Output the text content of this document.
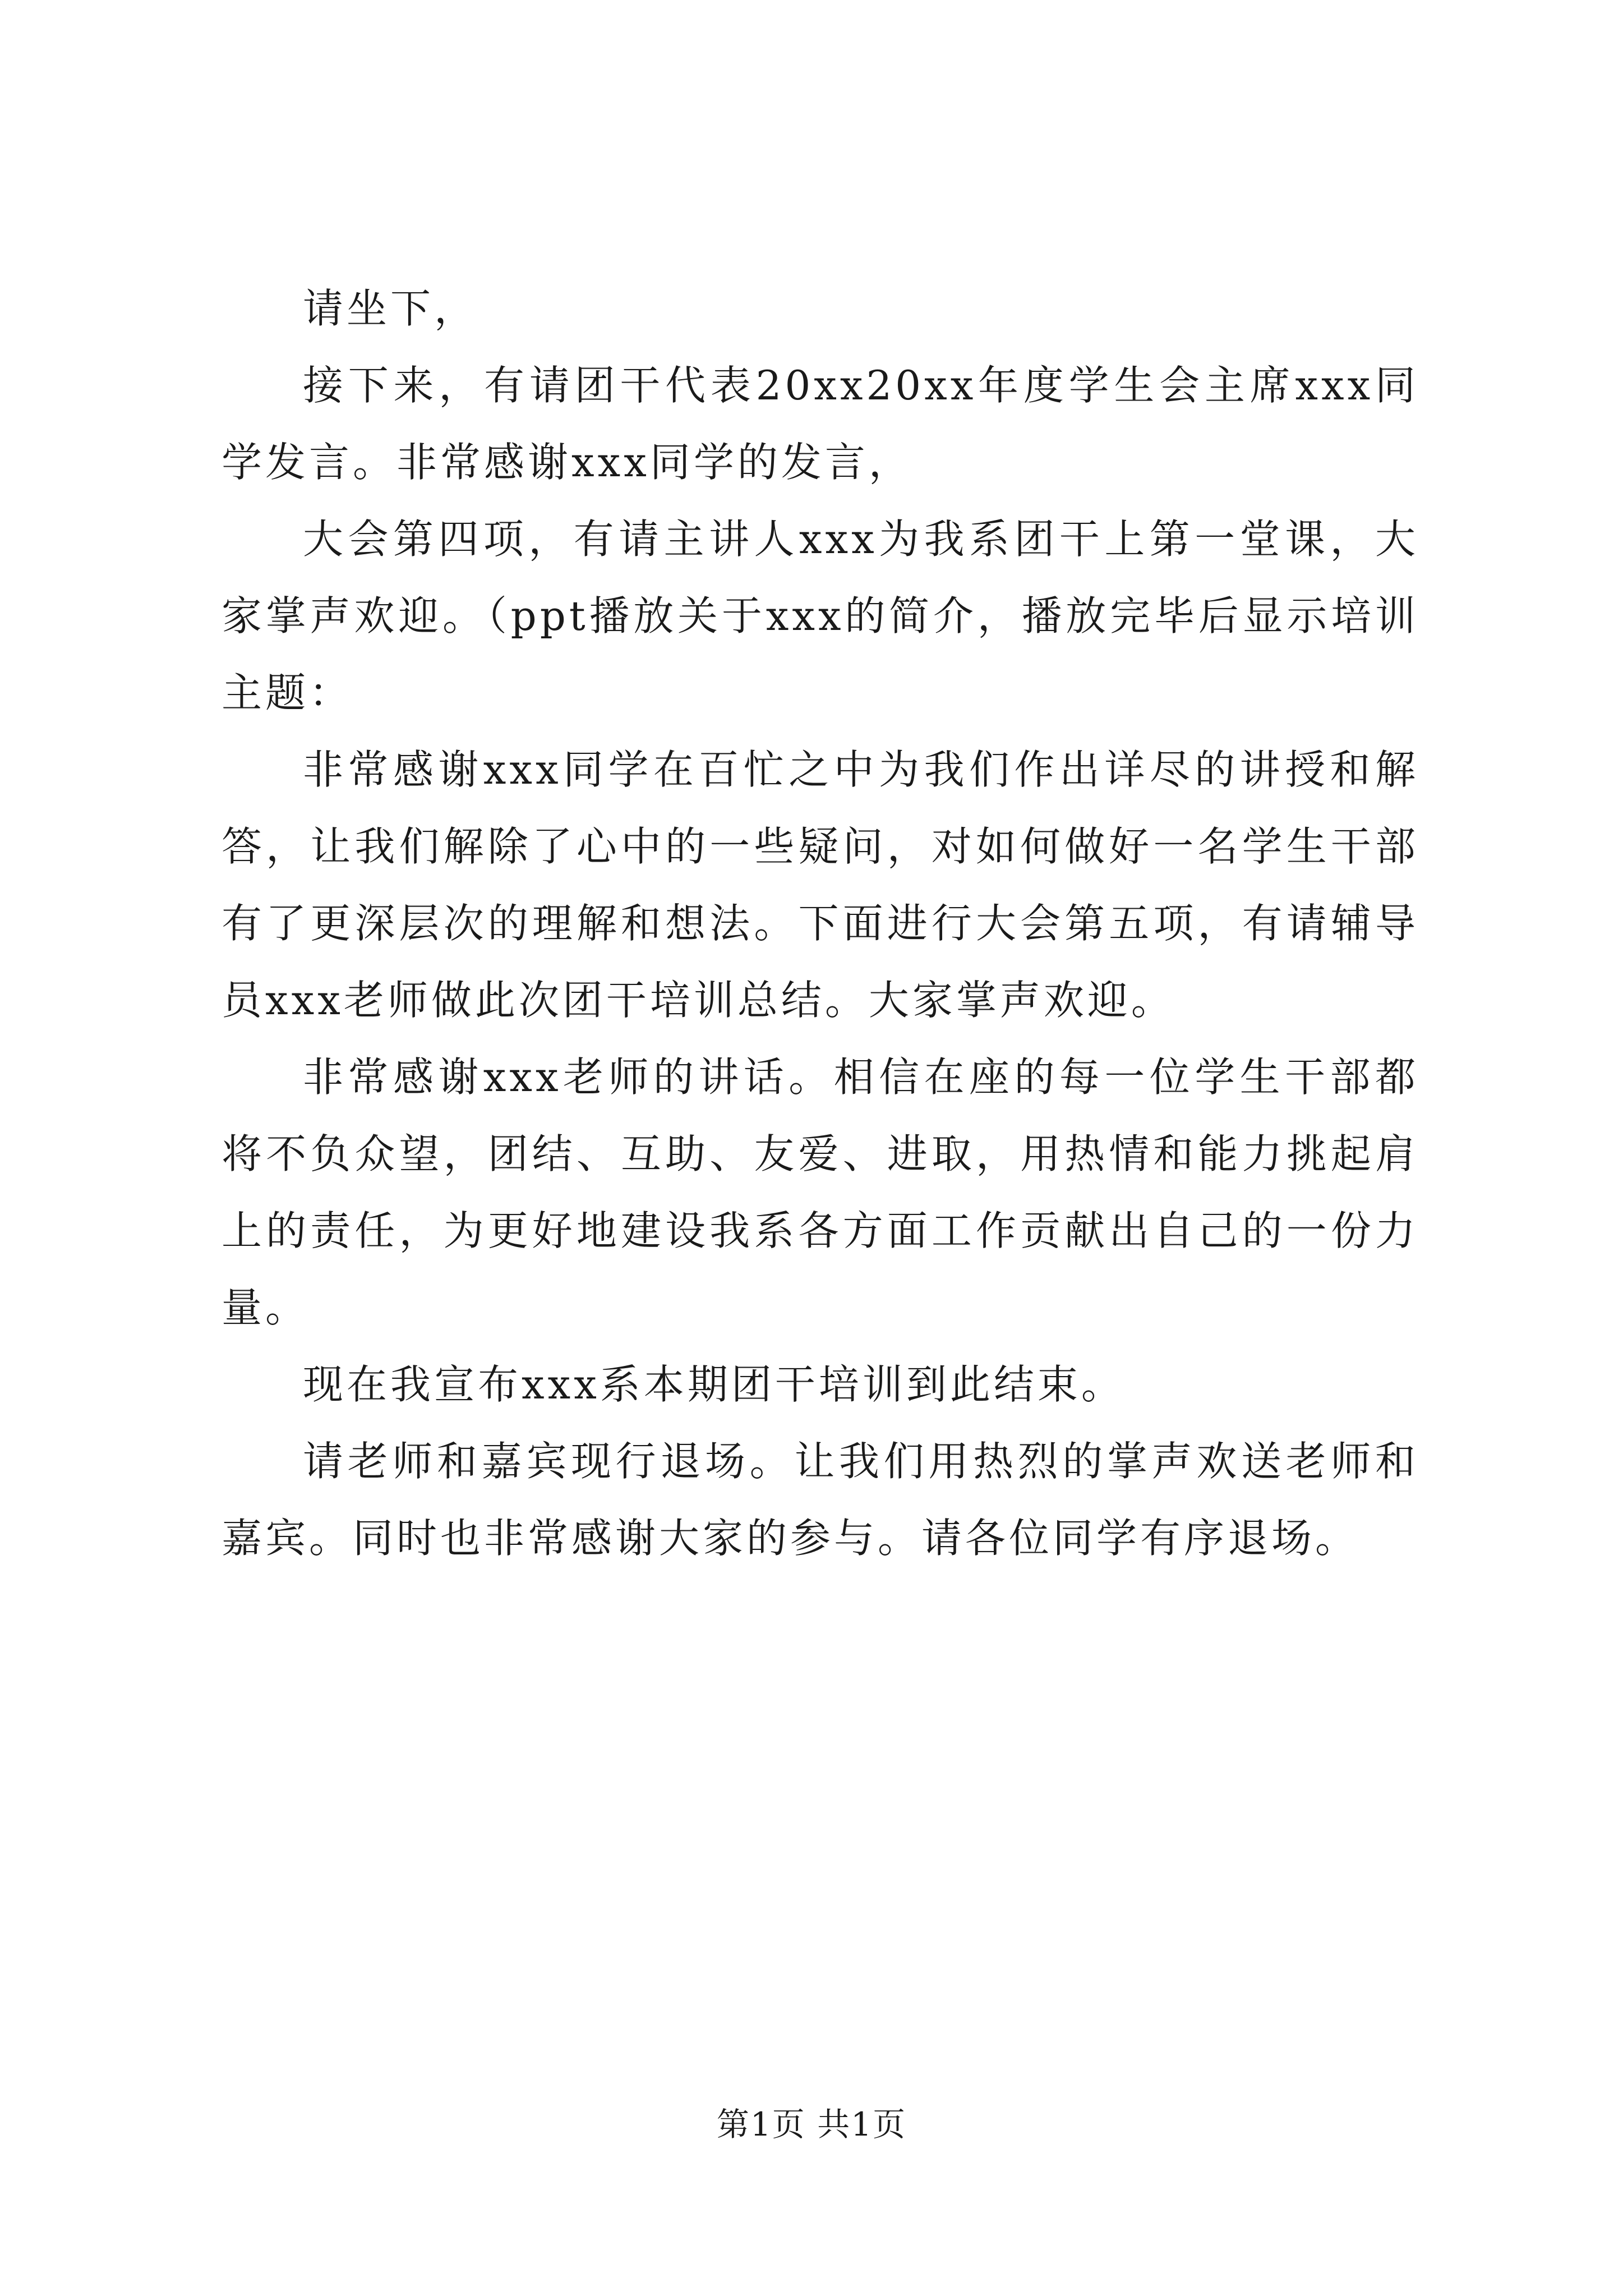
请坐下，

接下来，有请团干代表20xx20xx年度学生会主席xxx同学发言。非常感谢xxx同学的发言，

大会第四项，有请主讲人xxx为我系团干上第一堂课，大家掌声欢迎。（ppt播放关于xxx的简介，播放完毕后显示培训主题：

非常感谢xxx同学在百忙之中为我们作出详尽的讲授和解答，让我们解除了心中的一些疑问，对如何做好一名学生干部有了更深层次的理解和想法。下面进行大会第五项，有请辅导员xxx老师做此次团干培训总结。大家掌声欢迎。

非常感谢xxx老师的讲话。相信在座的每一位学生干部都将不负众望，团结、互助、友爱、进取，用热情和能力挑起肩上的责任，为更好地建设我系各方面工作贡献出自己的一份力量。

现在我宣布xxx系本期团干培训到此结束。

请老师和嘉宾现行退场。让我们用热烈的掌声欢送老师和嘉宾。同时也非常感谢大家的参与。请各位同学有序退场。

第1页 共1页
